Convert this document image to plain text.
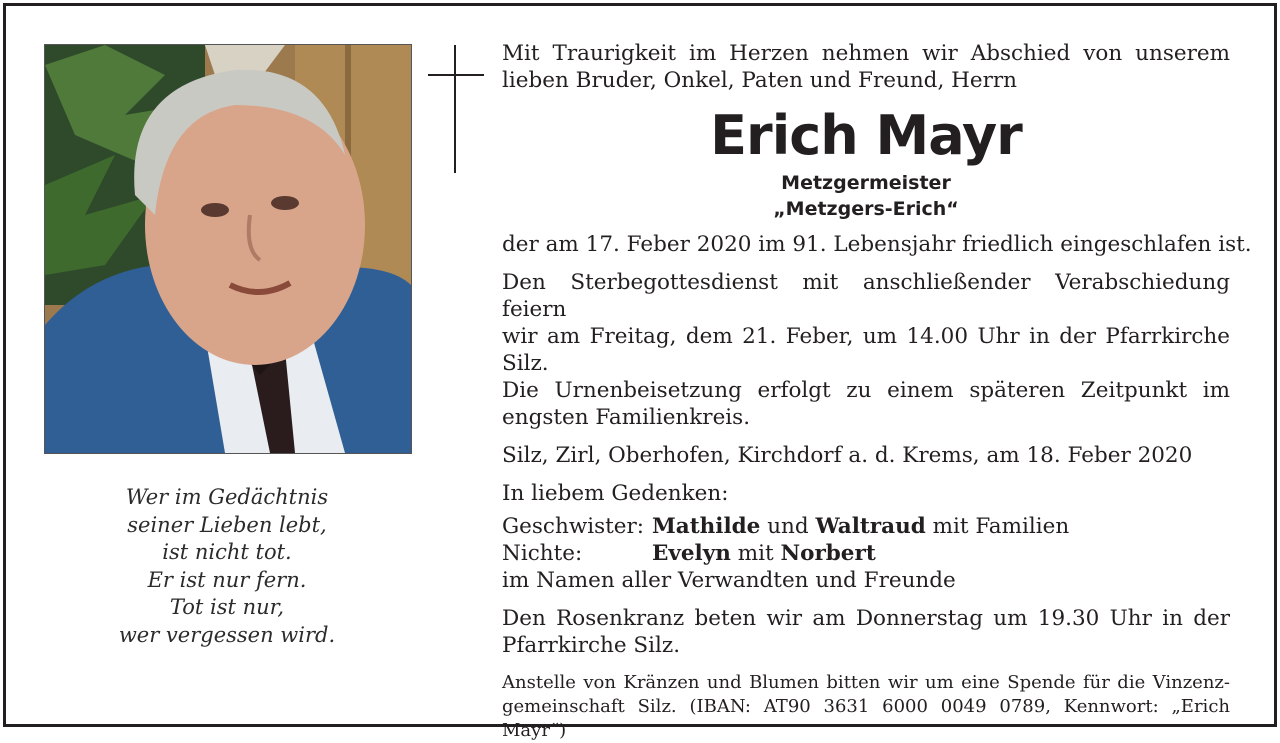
Wer im Gedächtnis
seiner Lieben lebt,
ist nicht tot.
Er ist nur fern.
Tot ist nur,
wer vergessen wird.
Mit Traurigkeit im Herzen nehmen wir Abschied von unserem
lieben Bruder, Onkel, Paten und Freund, Herrn
Erich Mayr
Metzgermeister
„Metzgers-Erich“
der am 17. Feber 2020 im 91. Lebensjahr friedlich eingeschlafen ist.
Den Sterbegottesdienst mit anschließender Verabschiedung feiern
wir am Freitag, dem 21. Feber, um 14.00 Uhr in der Pfarrkirche Silz.
Die Urnenbeisetzung erfolgt zu einem späteren Zeitpunkt im
engsten Familienkreis.
Silz, Zirl, Oberhofen, Kirchdorf a. d. Krems, am 18. Feber 2020
In liebem Gedenken:
Geschwister: Mathilde und Waltraud mit Familien
Nichte:	Evelyn mit Norbert
im Namen aller Verwandten und Freunde
Den Rosenkranz beten wir am Donnerstag um 19.30 Uhr in der
Pfarrkirche Silz.
Anstelle von Kränzen und Blumen bitten wir um eine Spende für die Vinzenz-
gemeinschaft Silz. (IBAN: AT90 3631 6000 0049 0789, Kennwort: „Erich
Mayr“)
